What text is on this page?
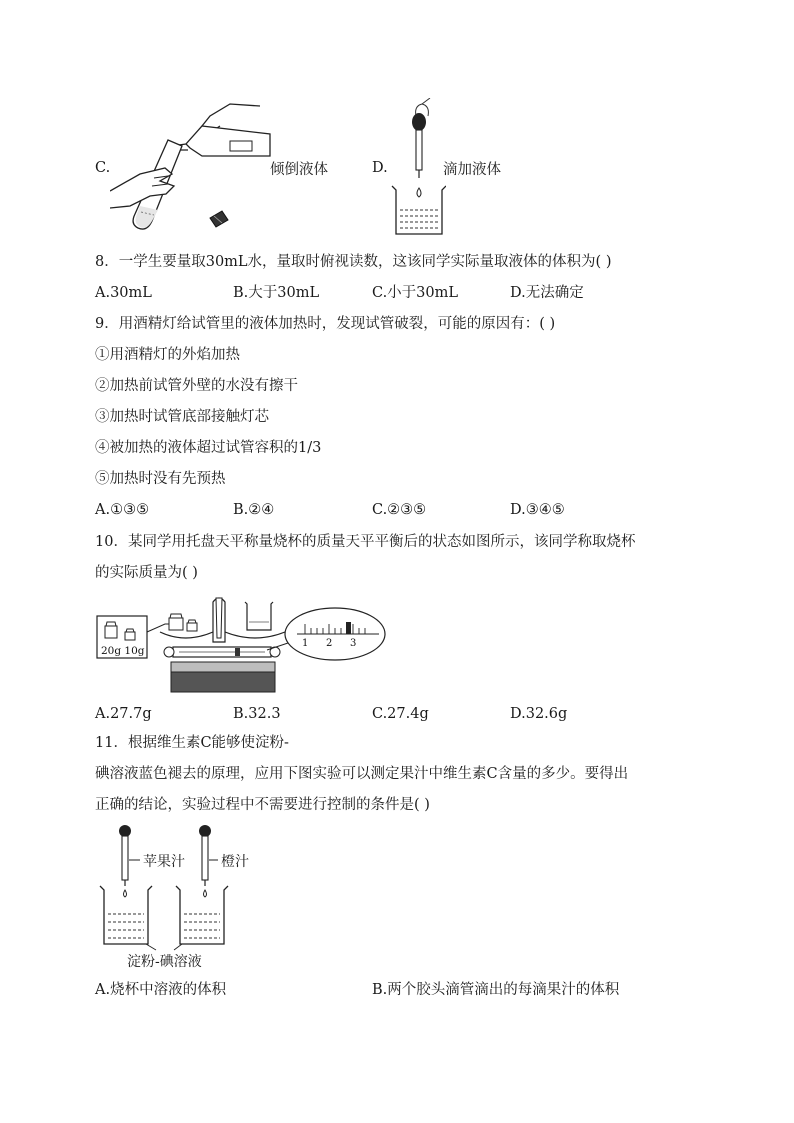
C.	倾倒液体	D.	滴加液体
8．一学生要量取30mL水，量取时俯视读数，这该同学实际量取液体的体积为( )
A.30mL	B.大于30mL	C.小于30mL	D.无法确定
9．用酒精灯给试管里的液体加热时，发现试管破裂，可能的原因有：( )
①用酒精灯的外焰加热
②加热前试管外壁的水没有擦干
③加热时试管底部接触灯芯
④被加热的液体超过试管容积的1/3
⑤加热时没有先预热
A.①③⑤	B.②④	C.②③⑤	D.③④⑤
10．某同学用托盘天平称量烧杯的质量天平平衡后的状态如图所示，该同学称取烧杯
的实际质量为( )
20g 10g
1 2 3
A.27.7g	B.32.3	C.27.4g	D.32.6g
11．根据维生素C能够使淀粉-
碘溶液蓝色褪去的原理，应用下图实验可以测定果汁中维生素C含量的多少。要得出
正确的结论，实验过程中不需要进行控制的条件是( )
苹果汁	橙汁
淀粉-碘溶液
A.烧杯中溶液的体积	B.两个胶头滴管滴出的每滴果汁的体积
